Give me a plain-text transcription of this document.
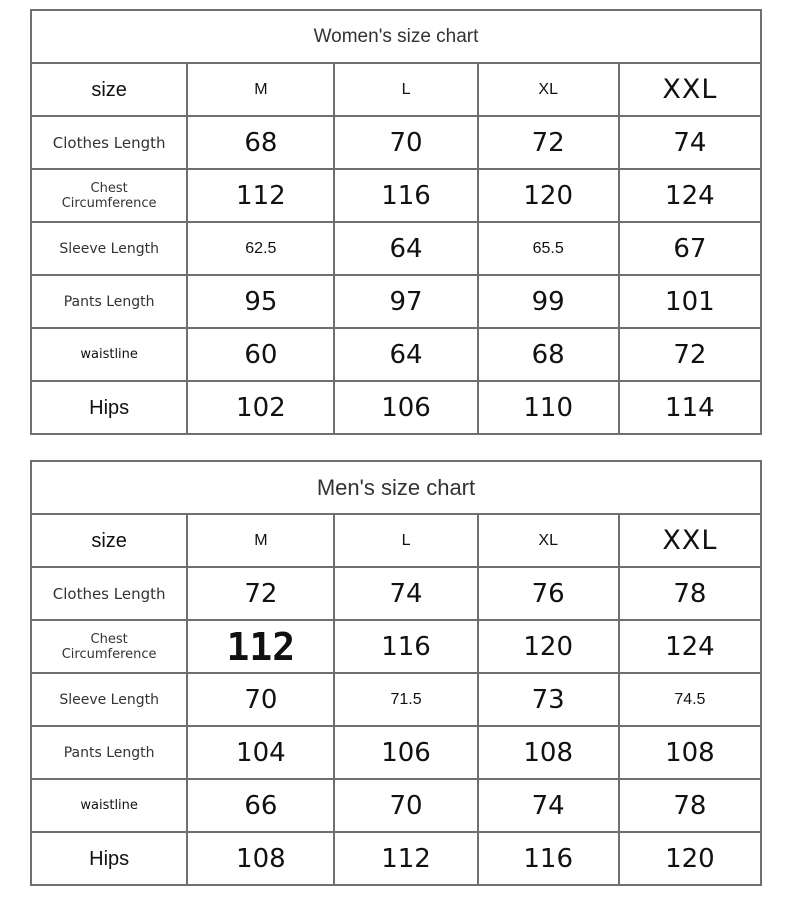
Women's size chart				
size	M	L	XL	XXL
Clothes Length	68	70	72	74
Chest
Circumference	112	116	120	124
Sleeve Length	62.5	64	65.5	67
Pants Length	95	97	99	101
waistline	60	64	68	72
Hips	102	106	110	114
Men's size chart				
size	M	L	XL	XXL
Clothes Length	72	74	76	78
Chest
Circumference	112	116	120	124
Sleeve Length	70	71.5	73	74.5
Pants Length	104	106	108	108
waistline	66	70	74	78
Hips	108	112	116	120
